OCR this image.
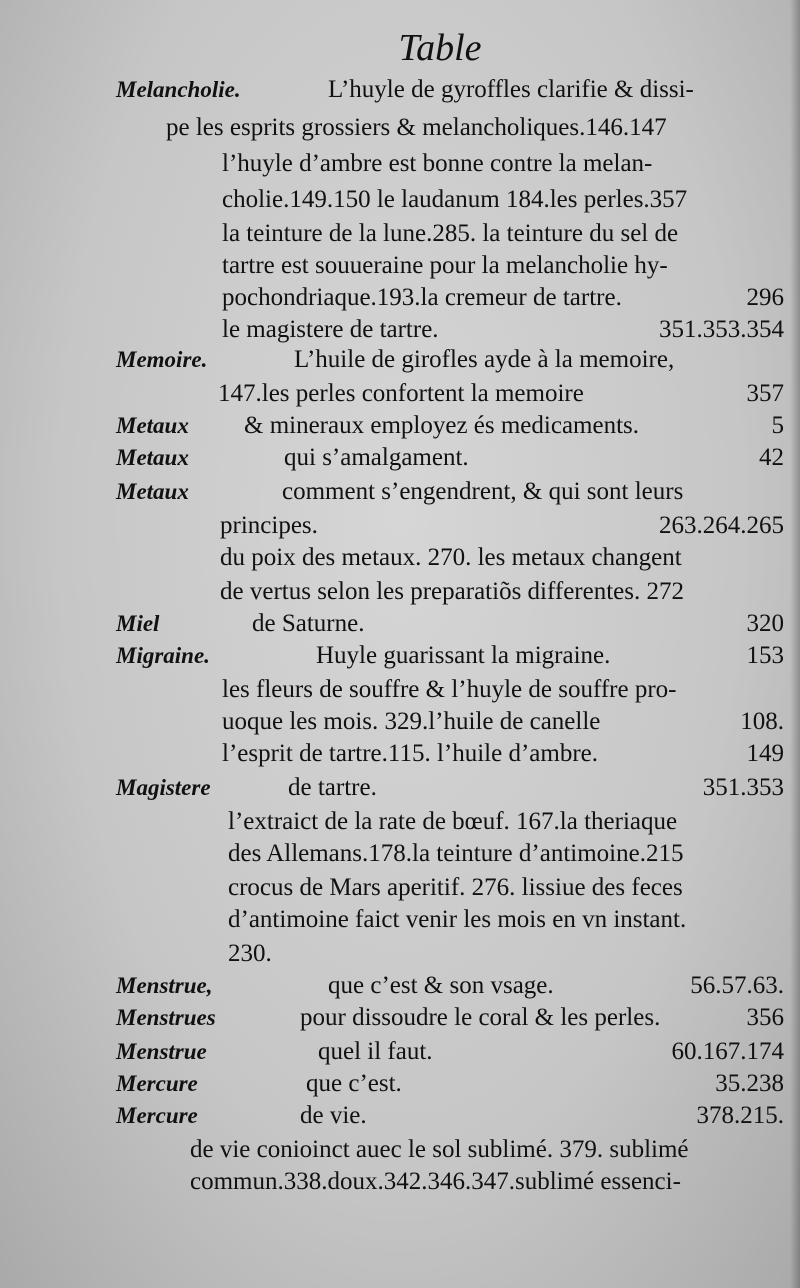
Table
Melancholie.	L’huyle de gyroffles clarifie & dissi-
pe les esprits grossiers & melancholiques.146.147
l’huyle d’ambre est bonne contre la melan-
cholie.149.150 le laudanum 184.les perles.357
la teinture de la lune.285. la teinture du sel de
tartre est souueraine pour la melancholie hy-
pochondriaque.193.la cremeur de tartre.	296
le magistere de tartre.	351.353.354
Memoire.	L’huile de girofles ayde à la memoire,
147.les perles confortent la memoire	357
Metaux & mineraux employez és medicaments.	5
Metaux	qui s’amalgament.	42
Metaux	comment s’engendrent, & qui sont leurs
principes.	263.264.265
du poix des metaux. 270. les metaux changent
de vertus selon les preparatiõs differentes. 272
Miel	de Saturne.	320
Migraine.	Huyle guarissant la migraine.	153
les fleurs de souffre & l’huyle de souffre pro-
uoque les mois. 329.l’huile de canelle	108.
l’esprit de tartre.115. l’huile d’ambre.	149
Magistere	de tartre.	351.353
l’extraict de la rate de bœuf. 167.la theriaque
des Allemans.178.la teinture d’antimoine.215
crocus de Mars aperitif. 276. lissiue des feces
d’antimoine faict venir les mois en vn instant.
230.
Menstrue,	que c’est & son vsage.	56.57.63.
Menstrues	pour dissoudre le coral & les perles.	356
Menstrue	quel il faut.	60.167.174
Mercure	que c’est.	35.238
Mercure	de vie.	378.215.
de vie conioinct auec le sol sublimé. 379. sublimé
commun.338.doux.342.346.347.sublimé essenci-
